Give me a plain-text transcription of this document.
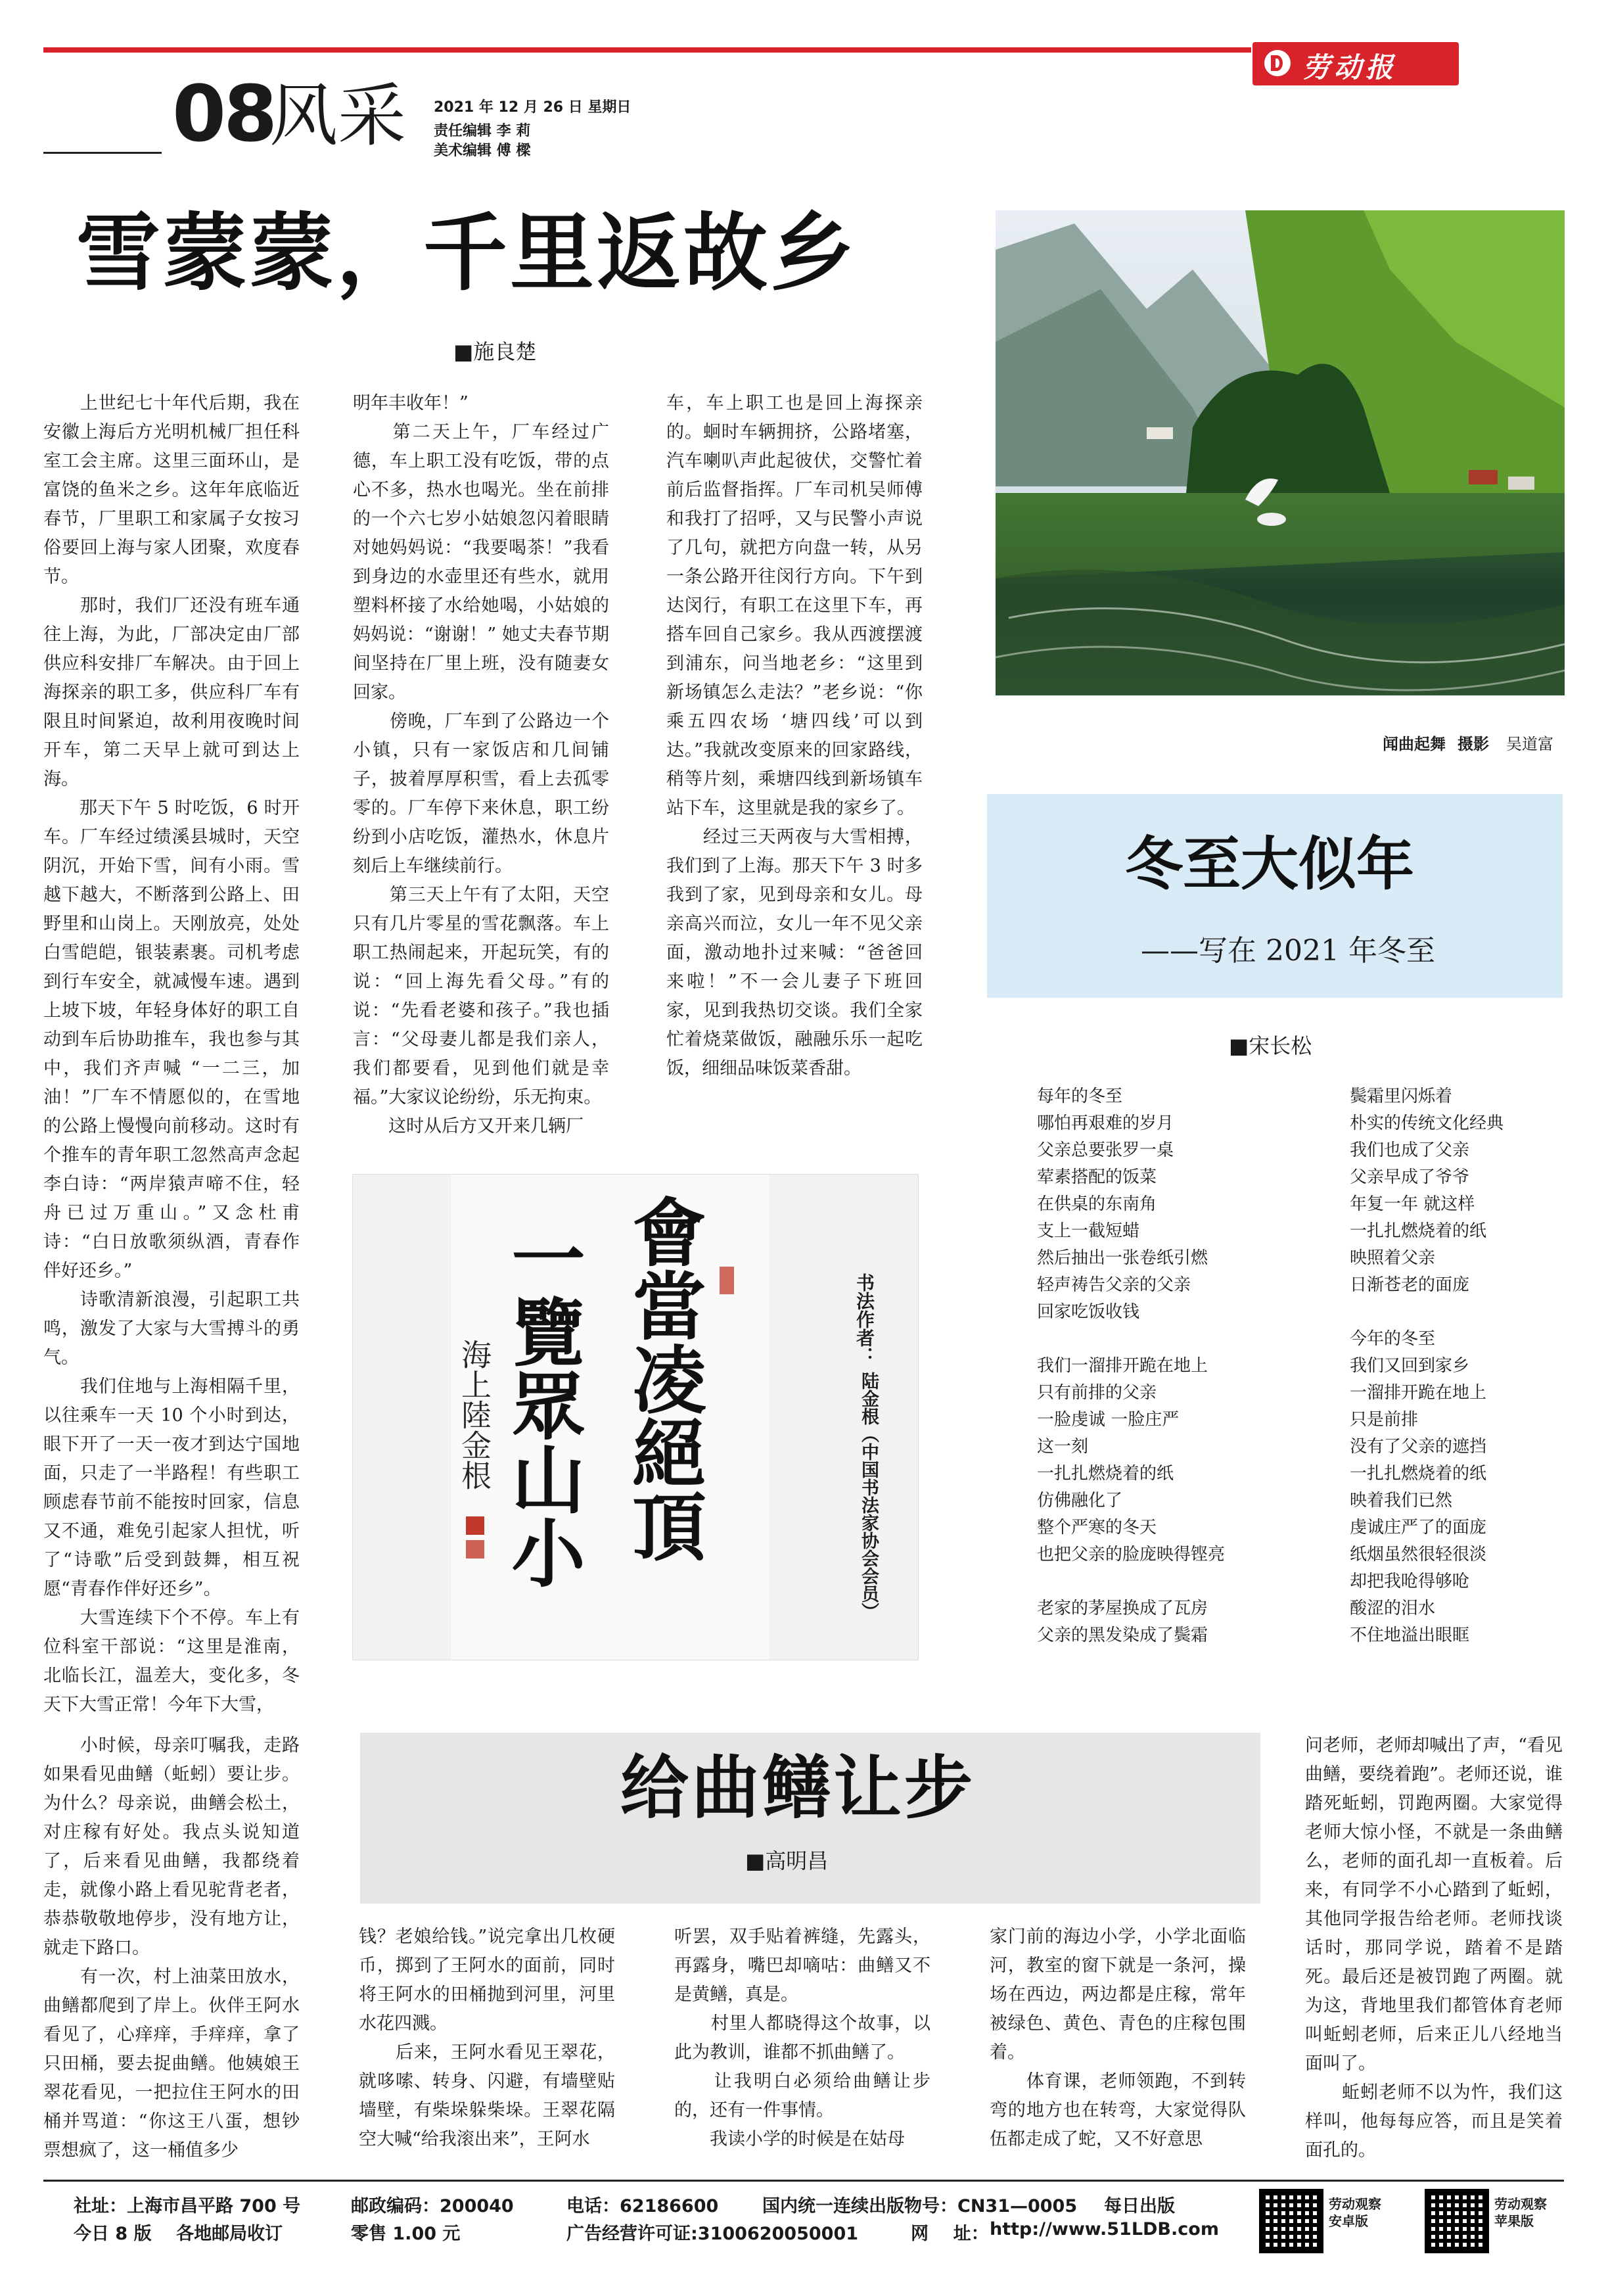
劳动报
08
风采 2021 年 12 月 26 日 星期日
责任编辑 李 莉
美术编辑 傅 樑
雪蒙蒙，千里返故乡
■施良楚
　　上世纪七十年代后期，我在安徽上海后方光明机械厂担任科室工会主席。这里三面环山，是富饶的鱼米之乡。这年年底临近春节，厂里职工和家属子女按习俗要回上海与家人团聚，欢度春节。
　　那时，我们厂还没有班车通往上海，为此，厂部决定由厂部供应科安排厂车解决。由于回上海探亲的职工多，供应科厂车有限且时间紧迫，故利用夜晚时间开车，第二天早上就可到达上海。
　　那天下午 5 时吃饭，6 时开车。厂车经过绩溪县城时，天空阴沉，开始下雪，间有小雨。雪越下越大，不断落到公路上、田野里和山岗上。天刚放亮，处处白雪皑皑，银装素裹。司机考虑到行车安全，就减慢车速。遇到上坡下坡，年轻身体好的职工自动到车后协助推车，我也参与其中，我们齐声喊 “一二三，加油！”厂车不情愿似的，在雪地的公路上慢慢向前移动。这时有个推车的青年职工忽然高声念起李白诗：“两岸猿声啼不住，轻舟已过万重山。”又念杜甫诗：“白日放歌须纵酒，青春作伴好还乡。”
　　诗歌清新浪漫，引起职工共鸣，激发了大家与大雪搏斗的勇气。
　　我们住地与上海相隔千里，以往乘车一天 10 个小时到达，眼下开了一天一夜才到达宁国地面，只走了一半路程！有些职工顾虑春节前不能按时回家，信息又不通，难免引起家人担忧，听了“诗歌”后受到鼓舞，相互祝愿“青春作伴好还乡”。
　　大雪连续下个不停。车上有位科室干部说：“这里是淮南，北临长江，温差大，变化多，冬天下大雪正常！今年下大雪，
明年丰收年！”
　　第二天上午，厂车经过广德，车上职工没有吃饭，带的点心不多，热水也喝光。坐在前排的一个六七岁小姑娘忽闪着眼睛对她妈妈说：“我要喝茶！”我看到身边的水壶里还有些水，就用塑料杯接了水给她喝，小姑娘的妈妈说：“谢谢！” 她丈夫春节期间坚持在厂里上班，没有随妻女回家。
　　傍晚，厂车到了公路边一个小镇，只有一家饭店和几间铺子，披着厚厚积雪，看上去孤零零的。厂车停下来休息，职工纷纷到小店吃饭，灌热水，休息片刻后上车继续前行。
　　第三天上午有了太阳，天空只有几片零星的雪花飘落。车上职工热闹起来，开起玩笑，有的说：“回上海先看父母。”有的说：“先看老婆和孩子。”我也插言：“父母妻儿都是我们亲人，我们都要看，见到他们就是幸福。”大家议论纷纷，乐无拘束。
　　这时从后方又开来几辆厂
车，车上职工也是回上海探亲的。蛔时车辆拥挤，公路堵塞，汽车喇叭声此起彼伏，交警忙着前后监督指挥。厂车司机吴师傅和我打了招呼，又与民警小声说了几句，就把方向盘一转，从另一条公路开往闵行方向。下午到达闵行，有职工在这里下车，再搭车回自己家乡。我从西渡摆渡到浦东，问当地老乡：“这里到新场镇怎么走法？”老乡说：“你乘五四农场 ‘塘四线’可以到达。”我就改变原来的回家路线，稍等片刻，乘塘四线到新场镇车站下车，这里就是我的家乡了。
　　经过三天两夜与大雪相搏，我们到了上海。那天下午 3 时多我到了家，见到母亲和女儿。母亲高兴而泣，女儿一年不见父亲面，激动地扑过来喊：“爸爸回来啦！”不一会儿妻子下班回家，见到我热切交谈。我们全家忙着烧菜做饭，融融乐乐一起吃饭，细细品味饭菜香甜。
闻曲起舞 摄影 吴道富
會當凌絕頂
一覽眾山小
海上陸金根
书法作者：
陆金根（中国书法家协会会员）
冬至大似年
——写在 2021 年冬至
■宋长松
每年的冬至
哪怕再艰难的岁月
父亲总要张罗一桌
荤素搭配的饭菜
在供桌的东南角
支上一截短蜡
然后抽出一张卷纸引燃
轻声祷告父亲的父亲
回家吃饭收钱

我们一溜排开跪在地上
只有前排的父亲
一脸虔诚 一脸庄严
这一刻
一扎扎燃烧着的纸
仿佛融化了
整个严寒的冬天
也把父亲的脸庞映得铿亮

老家的茅屋换成了瓦房
父亲的黑发染成了鬓霜
鬓霜里闪烁着
朴实的传统文化经典
我们也成了父亲
父亲早成了爷爷
年复一年 就这样
一扎扎燃烧着的纸
映照着父亲
日渐苍老的面庞

今年的冬至
我们又回到家乡
一溜排开跪在地上
只是前排
没有了父亲的遮挡
一扎扎燃烧着的纸
映着我们已然
虔诚庄严了的面庞
纸烟虽然很轻很淡
却把我呛得够呛
酸涩的泪水
不住地溢出眼眶
给曲鳝让步
■高明昌
　　小时候，母亲叮嘱我，走路如果看见曲鳝（蚯蚓）要让步。为什么？母亲说，曲鳝会松土，对庄稼有好处。我点头说知道了，后来看见曲鳝，我都绕着走，就像小路上看见驼背老者，恭恭敬敬地停步，没有地方让，就走下路口。
　　有一次，村上油菜田放水，曲鳝都爬到了岸上。伙伴王阿水看见了，心痒痒，手痒痒，拿了只田桶，要去捉曲鳝。他姨娘王翠花看见，一把拉住王阿水的田桶并骂道：“你这王八蛋，想钞票想疯了，这一桶值多少
钱？老娘给钱。”说完拿出几枚硬币，掷到了王阿水的面前，同时将王阿水的田桶抛到河里，河里水花四溅。
　　后来，王阿水看见王翠花，就哆嗦、转身、闪避，有墙壁贴墙壁，有柴垛躲柴垛。王翠花隔空大喊“给我滚出来”，王阿水
听罢，双手贴着裤缝，先露头，再露身，嘴巴却嘀咕：曲鳝又不是黄鳝，真是。
　　村里人都晓得这个故事，以此为教训，谁都不抓曲鳝了。
　　让我明白必须给曲鳝让步的，还有一件事情。
　　我读小学的时候是在姑母
家门前的海边小学，小学北面临河，教室的窗下就是一条河，操场在西边，两边都是庄稼，常年被绿色、黄色、青色的庄稼包围着。
　　体育课，老师领跑，不到转弯的地方也在转弯，大家觉得队伍都走成了蛇，又不好意思
问老师，老师却喊出了声，“看见曲鳝，要绕着跑”。老师还说，谁踏死蚯蚓，罚跑两圈。大家觉得老师大惊小怪，不就是一条曲鳝么，老师的面孔却一直板着。后来，有同学不小心踏到了蚯蚓，其他同学报告给老师。老师找谈话时，那同学说，踏着不是踏死。最后还是被罚跑了两圈。就为这，背地里我们都管体育老师叫蚯蚓老师，后来正儿八经地当面叫了。
　　蚯蚓老师不以为忤，我们这样叫，他每每应答，而且是笑着面孔的。
社址：上海市昌平路 700 号	邮政编码：200040	电话：62186600 国内统一连续出版物号：CN31—0005 每日出版
今日 8 版    各地邮局收订	零售 1.00 元	广告经营许可证:3100620050001	网    址： http://www.51LDB.com
劳动观察
安卓版
劳动观察
苹果版
